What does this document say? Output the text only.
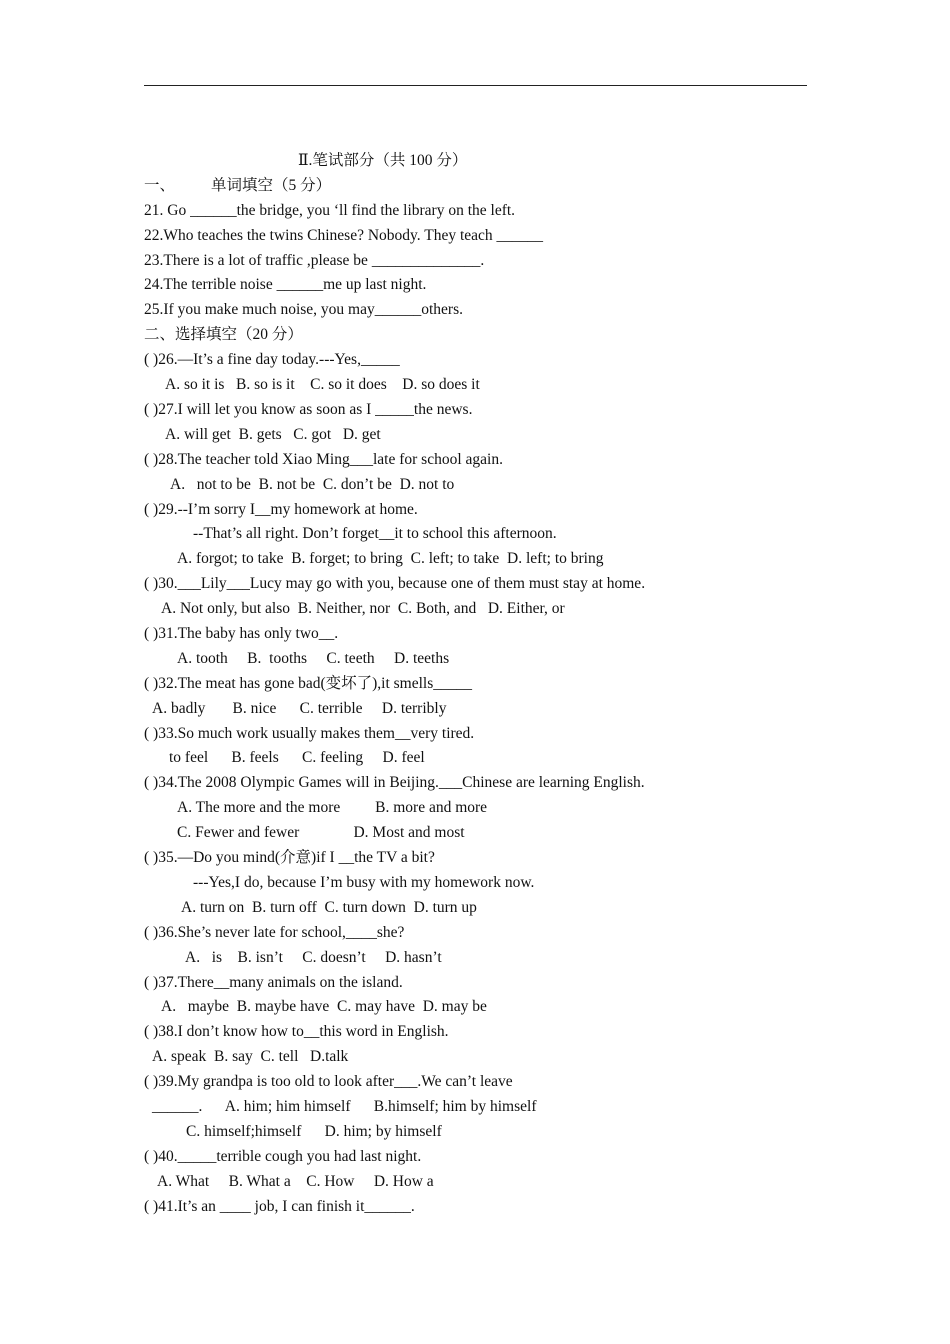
Ⅱ.笔试部分（共 100 分）
一、 单词填空（5 分）
21. Go ______the bridge, you ‘ll find the library on the left.
22.Who teaches the twins Chinese? Nobody. They teach ______
23.There is a lot of traffic ,please be ______________.
24.The terrible noise ______me up last night.
25.If you make much noise, you may______others.
二、选择填空（20 分）
( )26.—It’s a fine day today.---Yes,_____
A. so it is   B. so is it    C. so it does    D. so does it
( )27.I will let you know as soon as I _____the news.
A. will get  B. gets   C. got   D. get
( )28.The teacher told Xiao Ming___late for school again.
A.   not to be  B. not be  C. don’t be  D. not to
( )29.--I’m sorry I__my homework at home.
--That’s all right. Don’t forget__it to school this afternoon.
A. forgot; to take  B. forget; to bring  C. left; to take  D. left; to bring
( )30.___Lily___Lucy may go with you, because one of them must stay at home.
A. Not only, but also  B. Neither, nor  C. Both, and   D. Either, or
( )31.The baby has only two__.
A. tooth     B.  tooths     C. teeth     D. teeths
( )32.The meat has gone bad(变坏了),it smells_____
A. badly       B. nice      C. terrible     D. terribly
( )33.So much work usually makes them__very tired.
to feel      B. feels      C. feeling     D. feel
( )34.The 2008 Olympic Games will in Beijing.___Chinese are learning English.
A. The more and the more         B. more and more
C. Fewer and fewer              D. Most and most
( )35.—Do you mind(介意)if I __the TV a bit?
---Yes,I do, because I’m busy with my homework now.
A. turn on  B. turn off  C. turn down  D. turn up
( )36.She’s never late for school,____she?
A.   is    B. isn’t     C. doesn’t     D. hasn’t
( )37.There__many animals on the island.
A.   maybe  B. maybe have  C. may have  D. may be
( )38.I don’t know how to__this word in English.
A. speak  B. say  C. tell   D.talk
( )39.My grandpa is too old to look after___.We can’t leave
______.      A. him; him himself      B.himself; him by himself
C. himself;himself      D. him; by himself
( )40._____terrible cough you had last night.
A. What     B. What a    C. How     D. How a
( )41.It’s an ____ job, I can finish it______.
